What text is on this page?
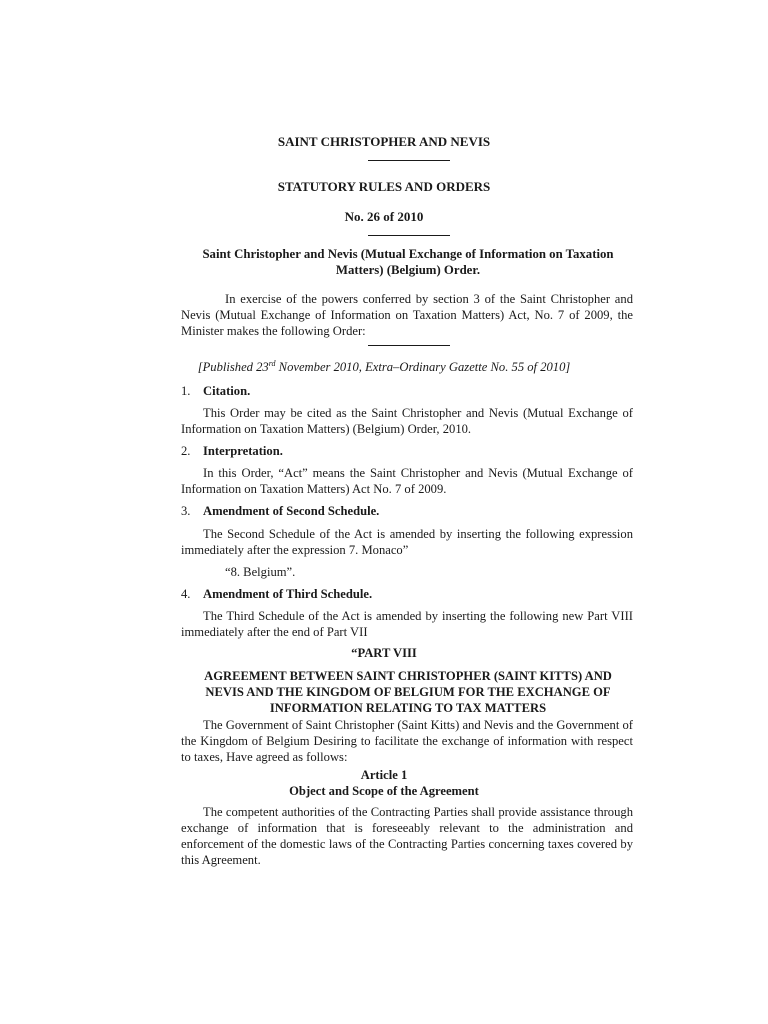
SAINT CHRISTOPHER AND NEVIS
STATUTORY RULES AND ORDERS
No. 26 of 2010
Saint Christopher and Nevis (Mutual Exchange of Information on Taxation Matters) (Belgium) Order.
In exercise of the powers conferred by section 3 of the Saint Christopher and Nevis (Mutual Exchange of Information on Taxation Matters) Act, No. 7 of 2009, the Minister makes the following Order:
[Published 23rd November 2010, Extra–Ordinary Gazette No. 55 of 2010]
1. Citation.
This Order may be cited as the Saint Christopher and Nevis (Mutual Exchange of Information on Taxation Matters) (Belgium) Order, 2010.
2. Interpretation.
In this Order, “Act” means the Saint Christopher and Nevis (Mutual Exchange of Information on Taxation Matters) Act No. 7 of 2009.
3. Amendment of Second Schedule.
The Second Schedule of the Act is amended by inserting the following expression immediately after the expression 7. Monaco”
“8. Belgium”.
4. Amendment of Third Schedule.
The Third Schedule of the Act is amended by inserting the following new Part VIII immediately after the end of Part VII
“PART VIII
AGREEMENT BETWEEN SAINT CHRISTOPHER (SAINT KITTS) AND NEVIS AND THE KINGDOM OF BELGIUM FOR THE EXCHANGE OF INFORMATION RELATING TO TAX MATTERS
The Government of Saint Christopher (Saint Kitts) and Nevis and the Government of the Kingdom of Belgium Desiring to facilitate the exchange of information with respect to taxes, Have agreed as follows:
Article 1
Object and Scope of the Agreement
The competent authorities of the Contracting Parties shall provide assistance through exchange of information that is foreseeably relevant to the administration and enforcement of the domestic laws of the Contracting Parties concerning taxes covered by this Agreement.
